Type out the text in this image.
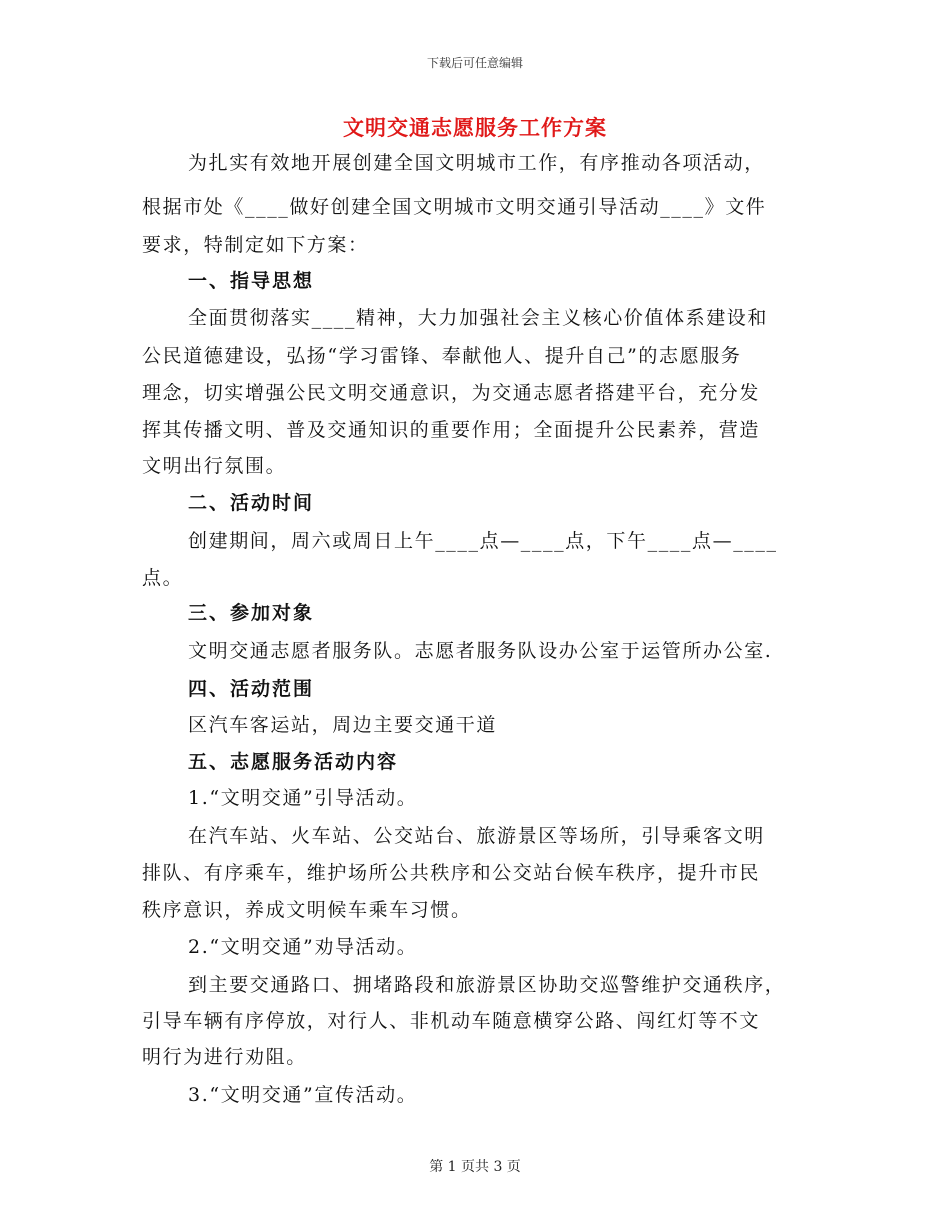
下载后可任意编辑
文明交通志愿服务工作方案
为扎实有效地开展创建全国文明城市工作，有序推动各项活动，
根据市处《____做好创建全国文明城市文明交通引导活动____》文件
要求，特制定如下方案：
一、指导思想
全面贯彻落实____精神，大力加强社会主义核心价值体系建设和
公民道德建设，弘扬“学习雷锋、奉献他人、提升自己”的志愿服务
理念，切实增强公民文明交通意识，为交通志愿者搭建平台，充分发
挥其传播文明、普及交通知识的重要作用；全面提升公民素养，营造
文明出行氛围。
二、活动时间
创建期间，周六或周日上午____点—____点，下午____点—____
点。
三、参加对象
文明交通志愿者服务队。志愿者服务队设办公室于运管所办公室.
四、活动范围
区汽车客运站，周边主要交通干道
五、志愿服务活动内容
1.“文明交通”引导活动。
在汽车站、火车站、公交站台、旅游景区等场所，引导乘客文明
排队、有序乘车，维护场所公共秩序和公交站台候车秩序，提升市民
秩序意识，养成文明候车乘车习惯。
2.“文明交通”劝导活动。
到主要交通路口、拥堵路段和旅游景区协助交巡警维护交通秩序，
引导车辆有序停放，对行人、非机动车随意横穿公路、闯红灯等不文
明行为进行劝阻。
3.“文明交通”宣传活动。
第 1 页共 3 页
